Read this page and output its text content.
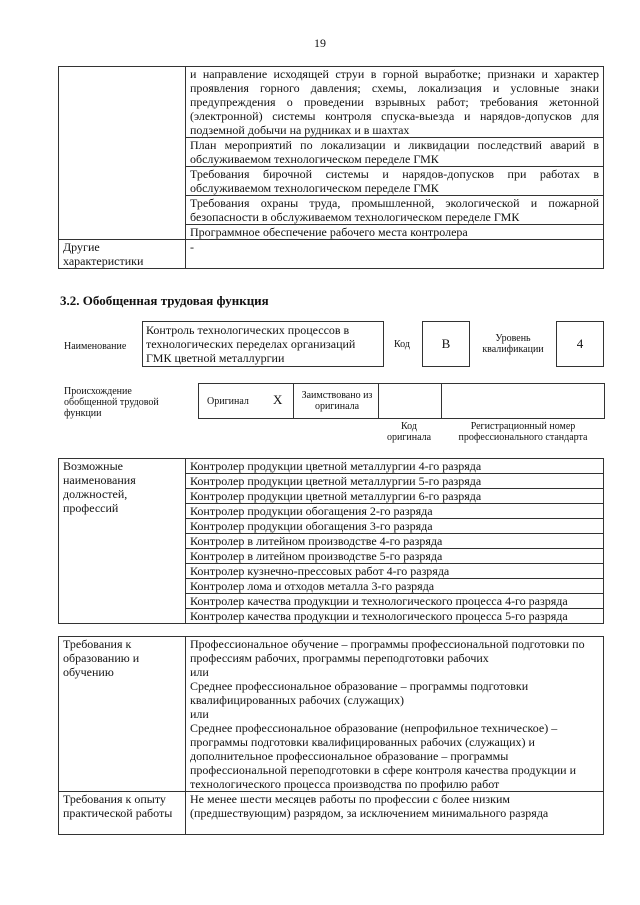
19
	и направление исходящей струи в горной выработке; признаки и характер проявления горного давления; схемы, локализация и условные знаки предупреждения о проведении взрывных работ; требования жетонной (электронной) системы контроля спуска-выезда и нарядов-допусков для подземной добычи на рудниках и в шахтах
	План мероприятий по локализации и ликвидации последствий аварий в обслуживаемом технологическом переделе ГМК
	Требования бирочной системы и нарядов-допусков при работах в обслуживаемом технологическом переделе ГМК
	Требования охраны труда, промышленной, экологической и пожарной безопасности в обслуживаемом технологическом переделе ГМК
	Программное обеспечение рабочего места контролера
Другие характеристики	-
3.2. Обобщенная трудовая функция
Наименование
Контроль технологических процессов в технологических переделах организаций ГМК цветной металлургии
Код	B	Уровень квалификации	4
Происхождение обобщенной трудовой функции
Оригинал X Заимствовано из оригинала
Код оригинала
Регистрационный номер профессионального стандарта
Возможные наименования должностей, профессий	Контролер продукции цветной металлургии 4-го разряда
Контролер продукции цветной металлургии 5-го разряда
Контролер продукции цветной металлургии 6-го разряда
Контролер продукции обогащения 2-го разряда
Контролер продукции обогащения 3-го разряда
Контролер в литейном производстве 4-го разряда
Контролер в литейном производстве 5-го разряда
Контролер кузнечно-прессовых работ 4-го разряда
Контролер лома и отходов металла 3-го разряда
Контролер качества продукции и технологического процесса 4-го разряда
Контролер качества продукции и технологического процесса 5-го разряда
Требования к образованию и обучению	Профессиональное обучение – программы профессиональной подготовки по профессиям рабочих, программы переподготовки рабочих
или
Среднее профессиональное образование – программы подготовки квалифицированных рабочих (служащих)
или
Среднее профессиональное образование (непрофильное техническое) – программы подготовки квалифицированных рабочих (служащих) и дополнительное профессиональное образование – программы профессиональной переподготовки в сфере контроля качества продукции и технологического процесса производства по профилю работ

Требования к опыту практической работы	Не менее шести месяцев работы по профессии с более низким (предшествующим) разрядом, за исключением минимального разряда
